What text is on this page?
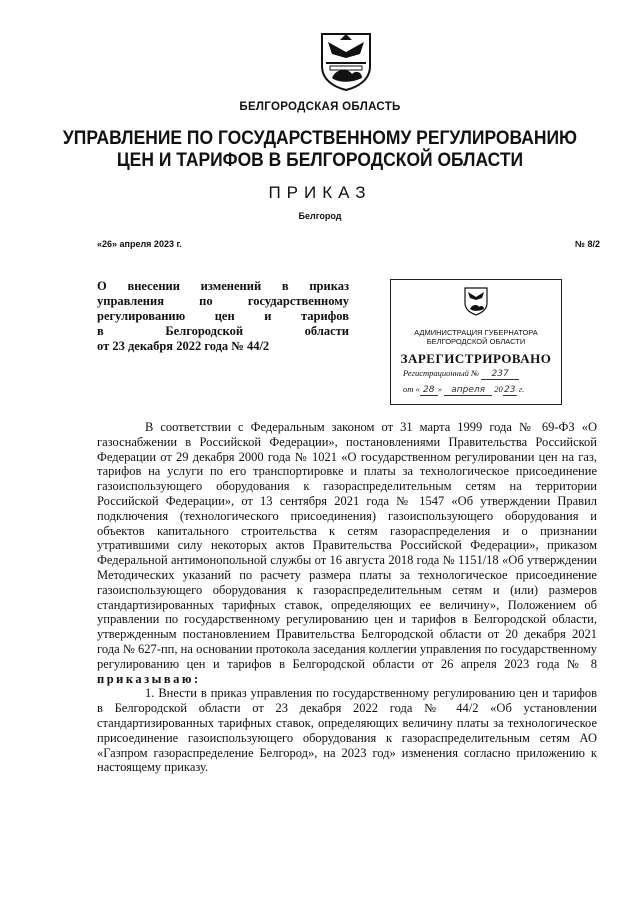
БЕЛГОРОДСКАЯ ОБЛАСТЬ
УПРАВЛЕНИЕ ПО ГОСУДАРСТВЕННОМУ РЕГУЛИРОВАНИЮ
ЦЕН И ТАРИФОВ В БЕЛГОРОДСКОЙ ОБЛАСТИ
ПРИКАЗ
Белгород
«26» апреля 2023 г.	№ 8/2
О внесении изменений в приказ
управления по государственному
регулированию цен и тарифов
в Белгородской области
от 23 декабря 2022 года № 44/2
АДМИНИСТРАЦИЯ ГУБЕРНАТОРА
БЕЛГОРОДСКОЙ ОБЛАСТИ
ЗАРЕГИСТРИРОВАНО
Регистрационный № 237
от « 28 » апреля 2023 г.

В соответствии с Федеральным законом от 31 марта 1999 года № 69-ФЗ «О газоснабжении в Российской Федерации», постановлениями Правительства Российской Федерации от 29 декабря 2000 года № 1021 «О государственном регулировании цен на газ, тарифов на услуги по его транспортировке и платы за технологическое присоединение газоиспользующего оборудования к газораспределительным сетям на территории Российской Федерации», от 13 сентября 2021 года № 1547 «Об утверждении Правил подключения (технологического присоединения) газоиспользующего оборудования и объектов капитального строительства к сетям газораспределения и о признании утратившими силу некоторых актов Правительства Российской Федерации», приказом Федеральной антимонопольной службы от 16 августа 2018 года № 1151/18 «Об утверждении Методических указаний по расчету размера платы за технологическое присоединение газоиспользующего оборудования к газораспределительным сетям и (или) размеров стандартизированных тарифных ставок, определяющих ее величину», Положением об управлении по государственному регулированию цен и тарифов в Белгородской области, утвержденным постановлением Правительства Белгородской области от 20 декабря 2021 года № 627-пп, на основании протокола заседания коллегии управления по государственному регулированию цен и тарифов в Белгородской области от 26 апреля 2023 года № 8 приказываю:

1. Внести в приказ управления по государственному регулированию цен и тарифов в Белгородской области от 23 декабря 2022 года № 44/2 «Об установлении стандартизированных тарифных ставок, определяющих величину платы за технологическое присоединение газоиспользующего оборудования к газораспределительным сетям АО «Газпром газораспределение Белгород», на 2023 год» изменения согласно приложению к настоящему приказу.
